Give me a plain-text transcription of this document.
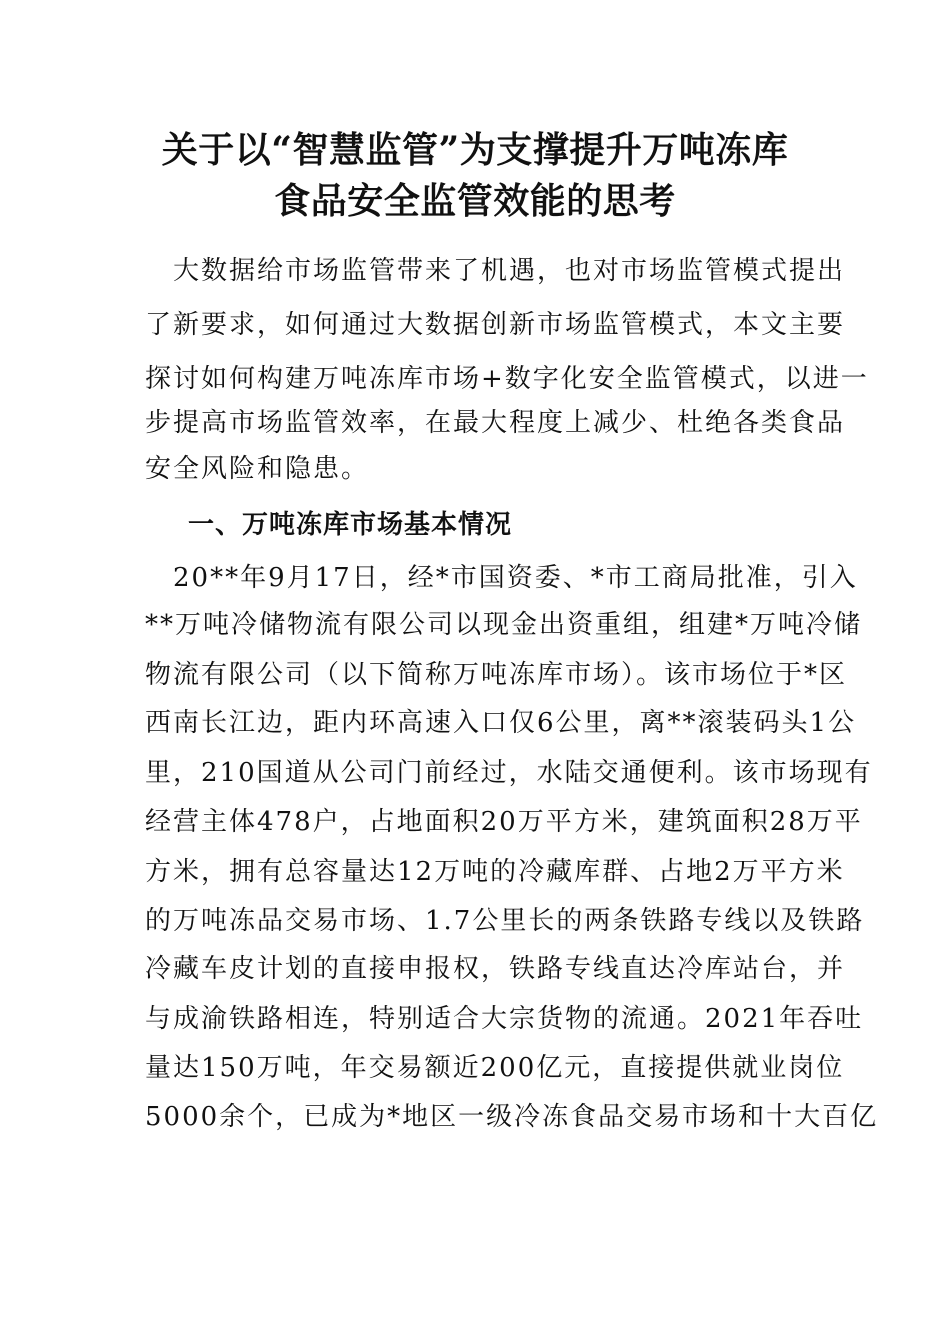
关于以“智慧监管”为支撑提升万吨冻库
食品安全监管效能的思考
　大数据给市场监管带来了机遇，也对市场监管模式提出
了新要求，如何通过大数据创新市场监管模式，本文主要
探讨如何构建万吨冻库市场+数字化安全监管模式，以进一
步提高市场监管效率，在最大程度上减少、杜绝各类食品
安全风险和隐患。
一、万吨冻库市场基本情况
　20**年9月17日，经*市国资委、*市工商局批准，引入
**万吨冷储物流有限公司以现金出资重组，组建*万吨冷储
物流有限公司（以下简称万吨冻库市场）。该市场位于*区
西南长江边，距内环高速入口仅6公里，离**滚装码头1公
里，210国道从公司门前经过，水陆交通便利。该市场现有
经营主体478户，占地面积20万平方米，建筑面积28万平
方米，拥有总容量达12万吨的冷藏库群、占地2万平方米
的万吨冻品交易市场、1.7公里长的两条铁路专线以及铁路
冷藏车皮计划的直接申报权，铁路专线直达冷库站台，并
与成渝铁路相连，特别适合大宗货物的流通。2021年吞吐
量达150万吨，年交易额近200亿元，直接提供就业岗位
5000余个，已成为*地区一级冷冻食品交易市场和十大百亿
